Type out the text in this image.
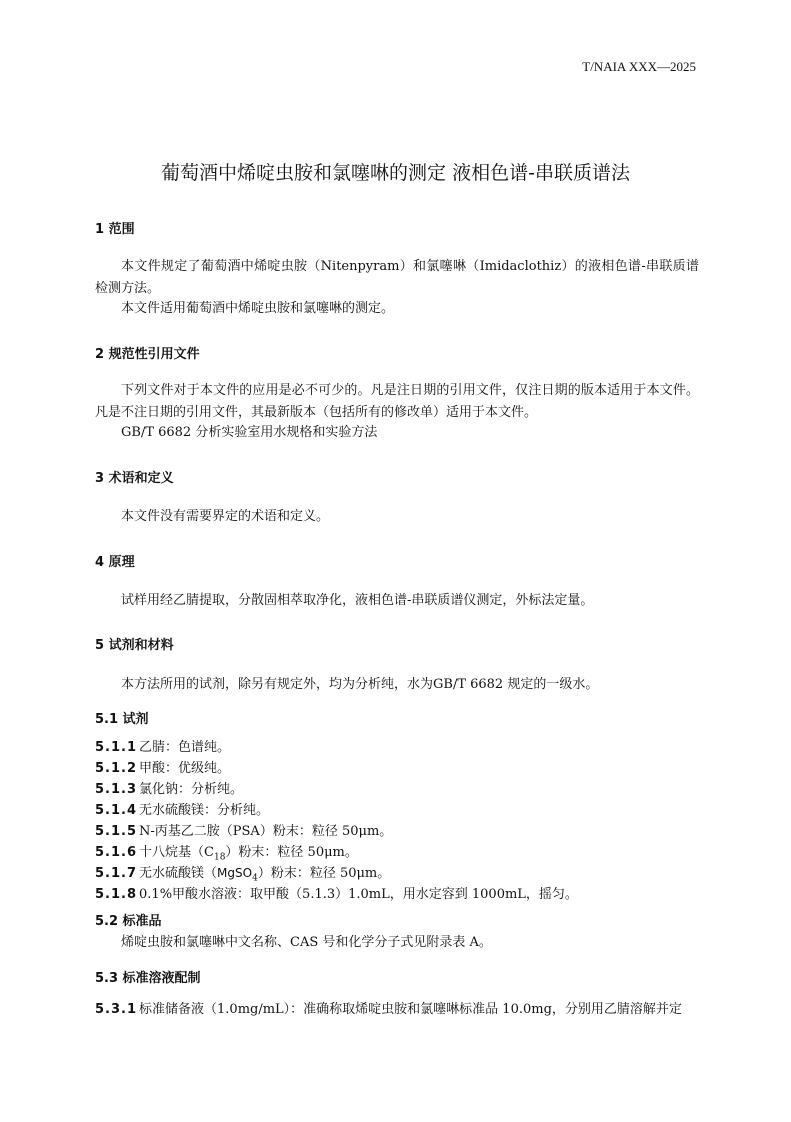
T/NAIA XXX—2025
葡萄酒中烯啶虫胺和氯噻啉的测定 液相色谱-串联质谱法
1 范围
本文件规定了葡萄酒中烯啶虫胺（Nitenpyram）和氯噻啉（Imidaclothiz）的液相色谱-串联质谱检测方法。
本文件适用葡萄酒中烯啶虫胺和氯噻啉的测定。
2 规范性引用文件
下列文件对于本文件的应用是必不可少的。凡是注日期的引用文件，仅注日期的版本适用于本文件。凡是不注日期的引用文件，其最新版本（包括所有的修改单）适用于本文件。
GB/T 6682 分析实验室用水规格和实验方法
3 术语和定义
本文件没有需要界定的术语和定义。
4 原理
试样用经乙腈提取，分散固相萃取净化，液相色谱-串联质谱仪测定，外标法定量。
5 试剂和材料
本方法所用的试剂，除另有规定外，均为分析纯，水为GB/T 6682 规定的一级水。
5.1 试剂
5.1.1 乙腈：色谱纯。
5.1.2 甲酸：优级纯。
5.1.3 氯化钠：分析纯。
5.1.4 无水硫酸镁：分析纯。
5.1.5 N-丙基乙二胺（PSA）粉末：粒径 50μm。
5.1.6 十八烷基$(C_{18})$粉末：粒径 50μm。
5.1.7 无水硫酸镁（MgSO$_4$）粉末：粒径 50μm。
5.1.8 0.1%甲酸水溶液：取甲酸（5.1.3）1.0mL，用水定容到 1000mL，摇匀。
5.2 标准品
烯啶虫胺和氯噻啉中文名称、CAS 号和化学分子式见附录表 A。
5.3 标准溶液配制
5.3.1 标准储备液（1.0mg/mL）：准确称取烯啶虫胺和氯噻啉标准品 10.0mg，分别用乙腈溶解并定
